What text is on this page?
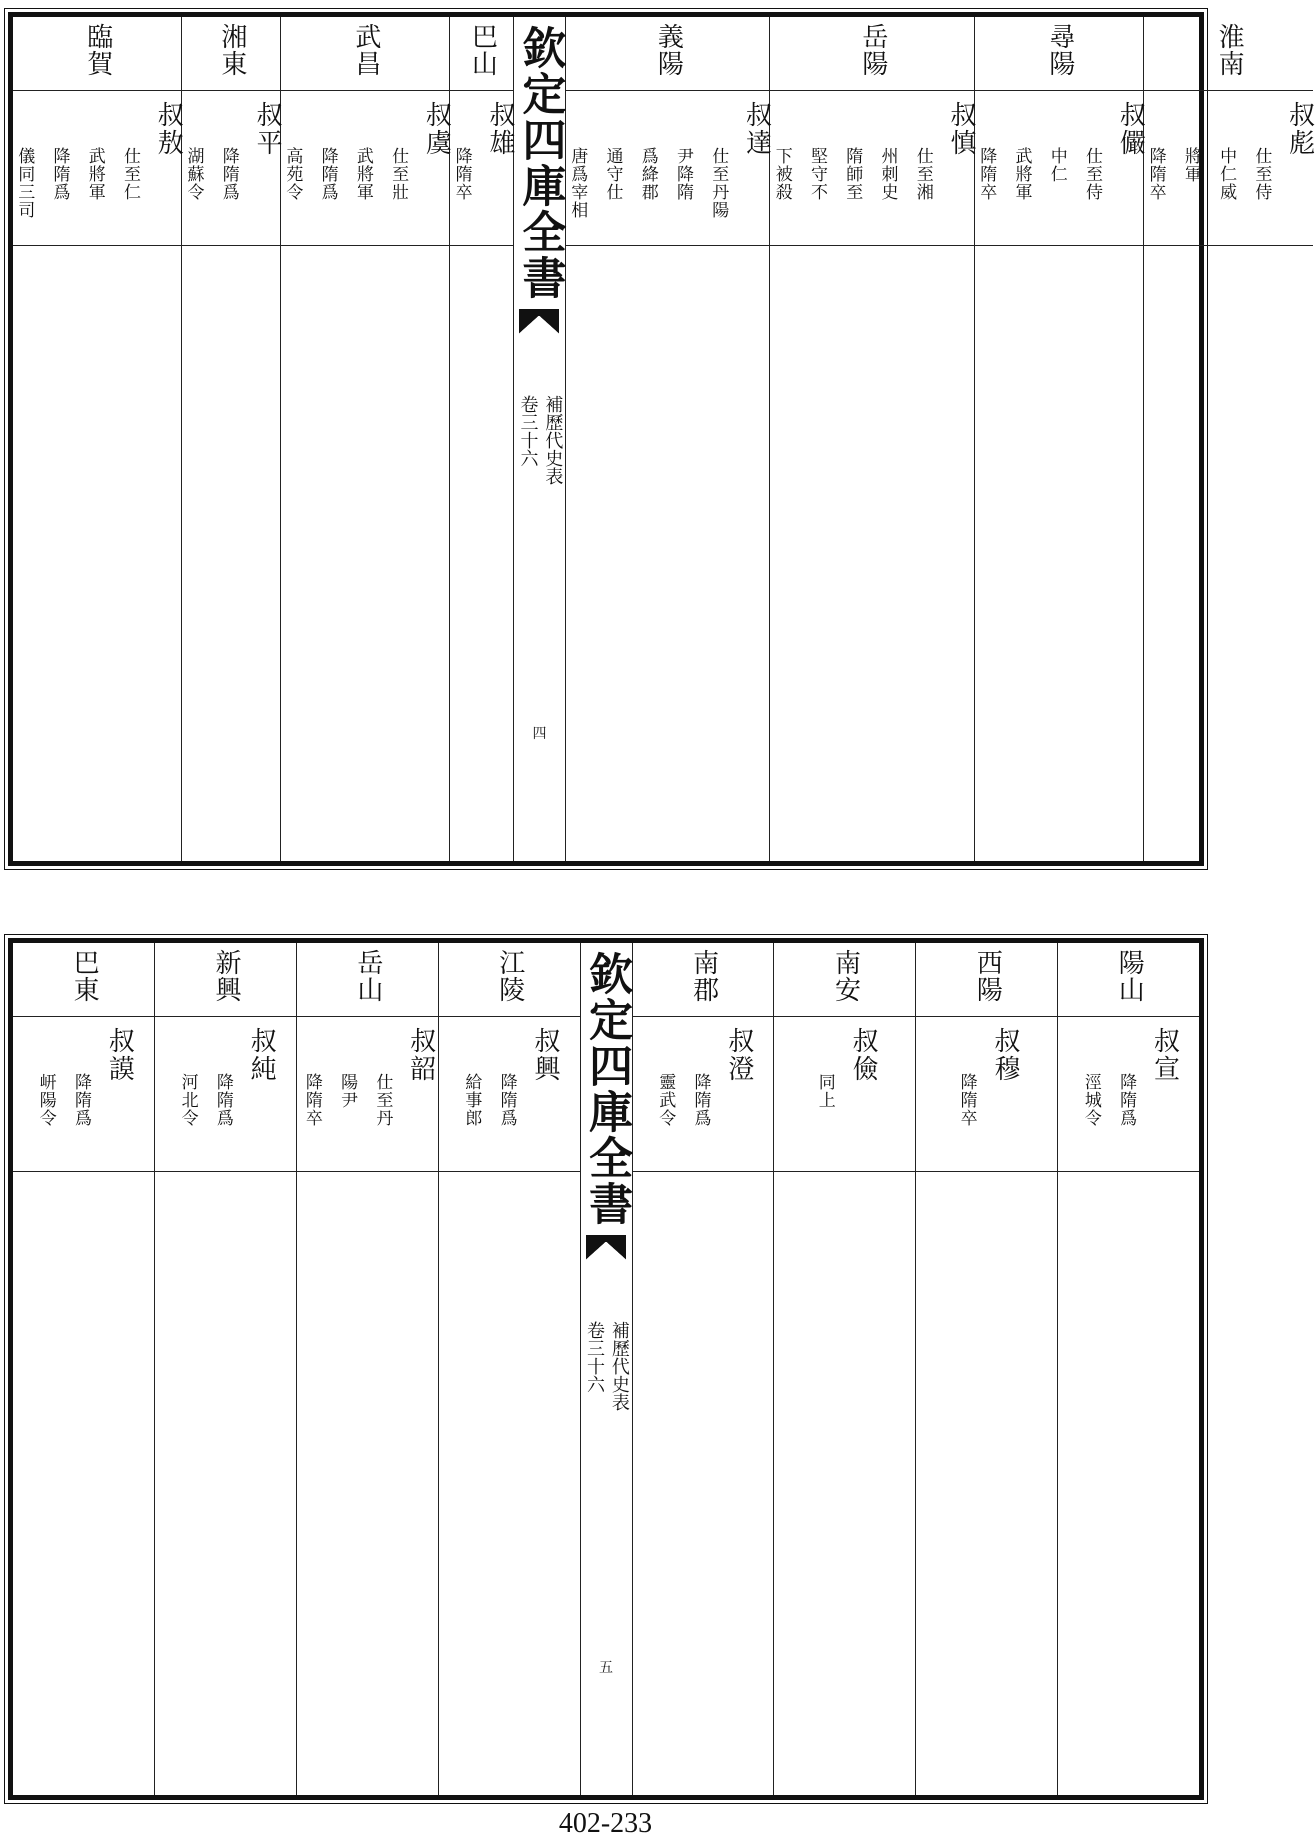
臨賀
叔敖
仕至仁
武將軍
降隋爲
儀同三司
湘東
叔平
降隋爲
湖蘇令
武昌
叔虞
仕至壯
武將軍
降隋爲
高苑令
巴山
叔雄
降隋卒 欽定四庫全書
補歷代史表
卷三十六
四
義陽
叔達
仕至丹陽
尹降隋
爲絳郡
通守仕
唐爲宰相
岳陽
叔慎
仕至湘
州刺史
隋師至
堅守不
下被殺
尋陽
叔儼
仕至侍
中仁
武將軍
降隋卒
淮南
叔彪
仕至侍
中仁威
將軍
降隋卒
巴東
叔謨
降隋爲
岍陽令
新興
叔純
降隋爲
河北令
岳山
叔韶
仕至丹
陽尹
降隋卒
江陵
叔興
降隋爲
給事郎 欽定四庫全書
補歷代史表
卷三十六
五
南郡
叔澄
降隋爲
靈武令
南安
叔儉
同上
西陽
叔穆
降隋卒
陽山
叔宣
降隋爲
涇城令
402-233
